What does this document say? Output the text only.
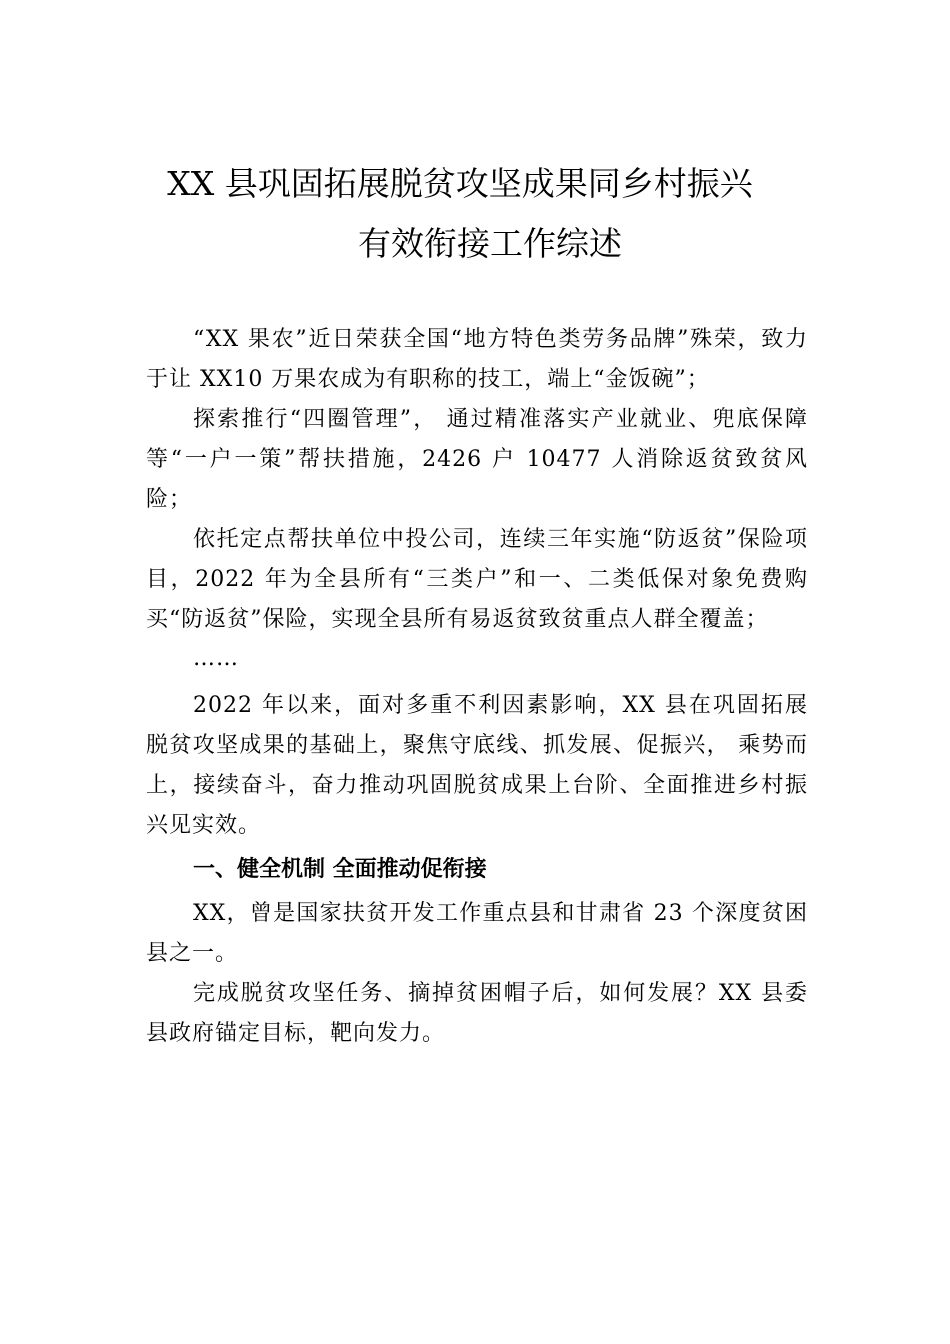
XX 县巩固拓展脱贫攻坚成果同乡村振兴
有效衔接工作综述

“XX 果农”近日荣获全国“地方特色类劳务品牌”殊荣，致力于让 XX10 万果农成为有职称的技工，端上“金饭碗”；

探索推行“四圈管理”， 通过精准落实产业就业、兜底保障等“一户一策”帮扶措施，2426 户 10477 人消除返贫致贫风险；

依托定点帮扶单位中投公司，连续三年实施“防返贫”保险项目，2022 年为全县所有“三类户”和一、二类低保对象免费购买“防返贫”保险，实现全县所有易返贫致贫重点人群全覆盖；

……

2022 年以来，面对多重不利因素影响，XX 县在巩固拓展脱贫攻坚成果的基础上，聚焦守底线、抓发展、促振兴， 乘势而上，接续奋斗，奋力推动巩固脱贫成果上台阶、全面推进乡村振兴见实效。

一、健全机制 全面推动促衔接

XX，曾是国家扶贫开发工作重点县和甘肃省 23 个深度贫困县之一。

完成脱贫攻坚任务、摘掉贫困帽子后，如何发展？XX 县委县政府锚定目标，靶向发力。
